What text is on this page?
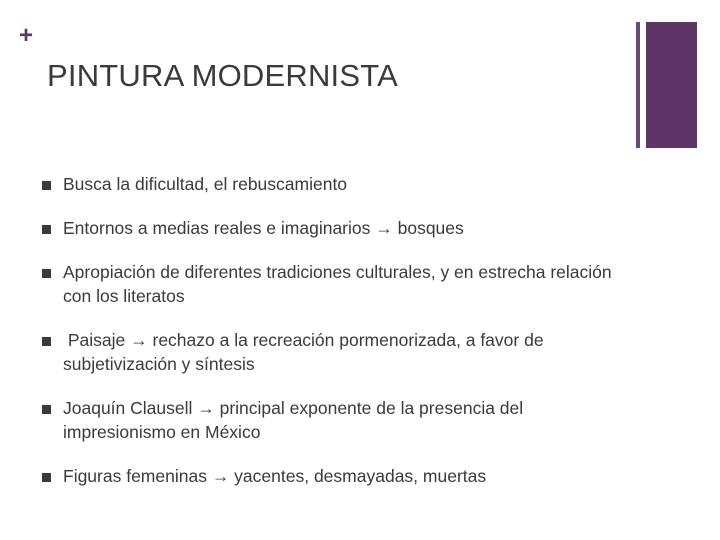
+
PINTURA MODERNISTA
Busca la dificultad, el rebuscamiento
Entornos a medias reales e imaginarios → bosques
Apropiación de diferentes tradiciones culturales, y en estrecha relación con los literatos
Paisaje → rechazo a la recreación pormenorizada, a favor de subjetivización y síntesis
Joaquín Clausell → principal exponente de la presencia del impresionismo en México
Figuras femeninas → yacentes, desmayadas, muertas
